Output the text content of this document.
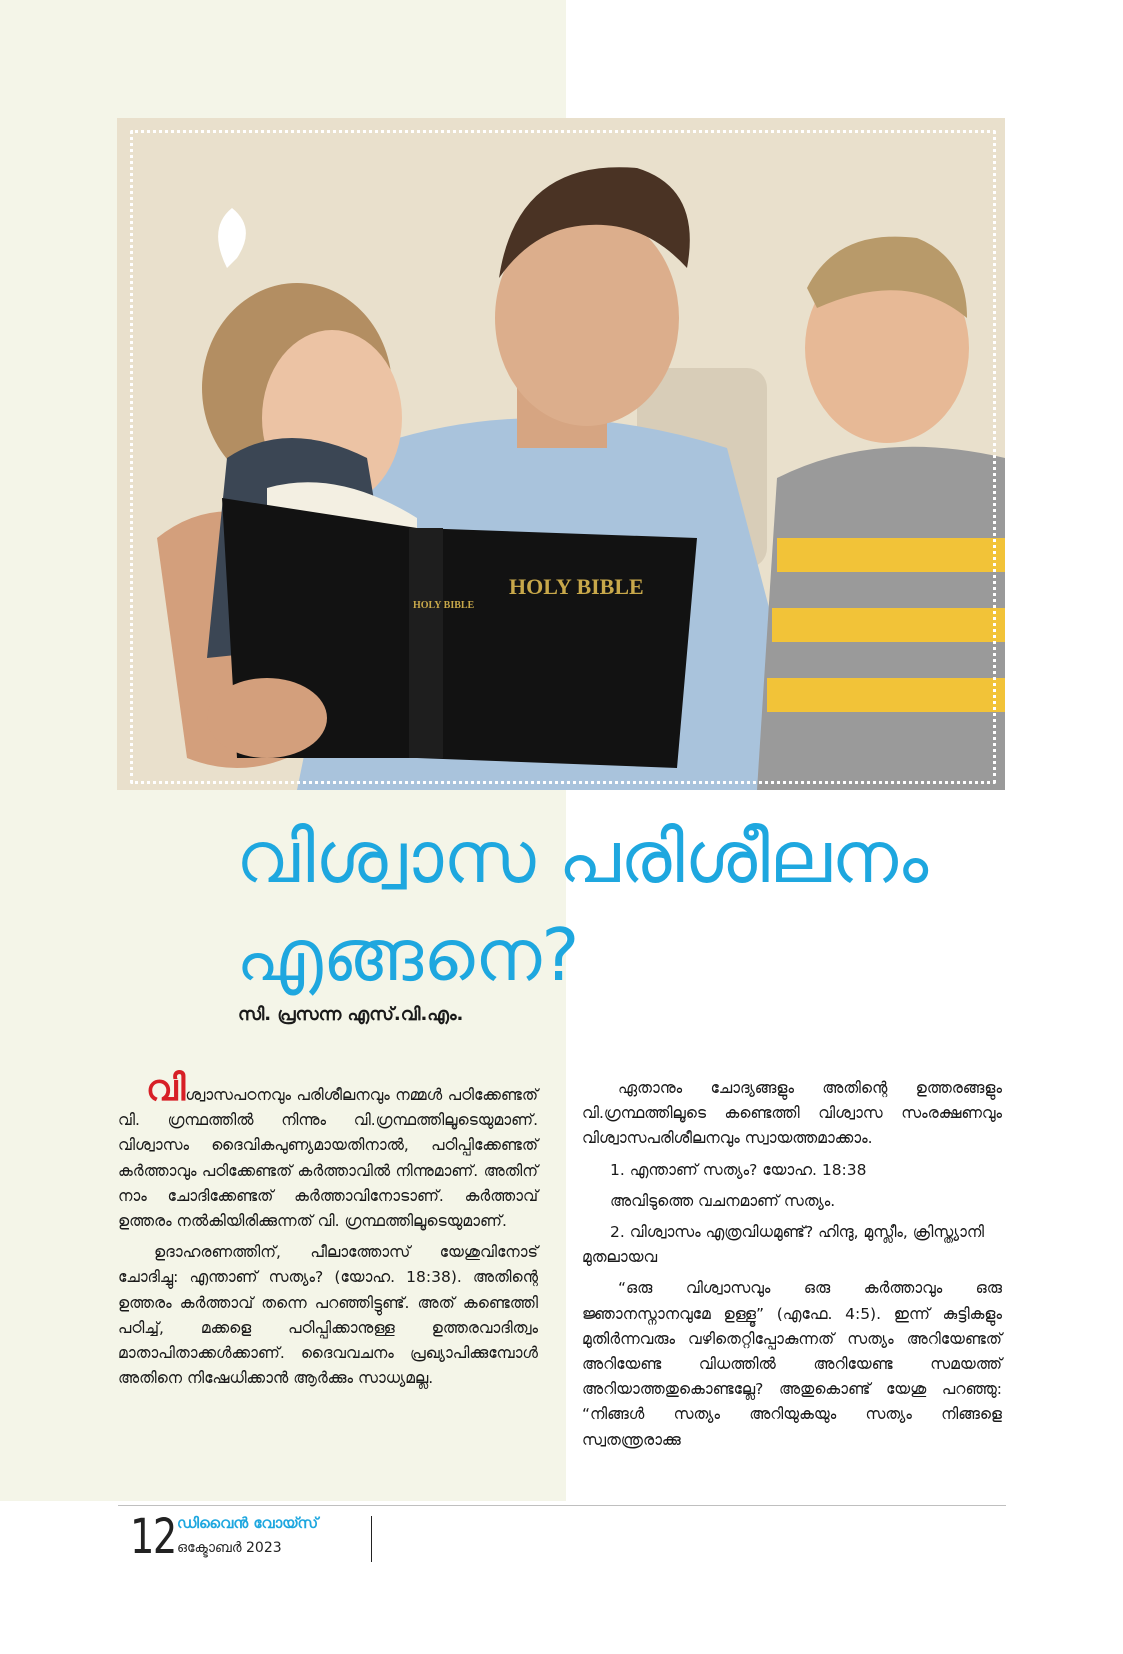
HOLY BIBLE
HOLY BIBLE
വിശ്വാസ പരിശീലനം
എങ്ങനെ?
സി. പ്രസന്ന എസ്.വി.എം.

വിശ്വാസപഠനവും പരിശീലനവും നമ്മൾ പഠിക്കേണ്ടത് വി. ഗ്രന്ഥത്തിൽ നിന്നും വി.ഗ്രന്ഥത്തിലൂടെയുമാണ്. വിശ്വാസം ദൈവികപുണ്യമായതിനാൽ, പഠിപ്പിക്കേണ്ടത് കർത്താവും പഠിക്കേണ്ടത് കർത്താവിൽ നിന്നുമാണ്. അതിന് നാം ചോദിക്കേണ്ടത് കർത്താവിനോടാണ്. കർത്താവ് ഉത്തരം നൽകിയിരിക്കുന്നത് വി. ഗ്രന്ഥത്തിലൂടെയുമാണ്.

ഉദാഹരണത്തിന്, പീലാത്തോസ് യേശുവിനോട് ചോദിച്ചു: എന്താണ് സത്യം? (യോഹ. 18:38). അതിന്റെ ഉത്തരം കർത്താവ് തന്നെ പറഞ്ഞിട്ടുണ്ട്. അത് കണ്ടെത്തി പഠിച്ച്, മക്കളെ പഠിപ്പിക്കാനുള്ള ഉത്തരവാദിത്വം മാതാപിതാക്കൾക്കാണ്. ദൈവവചനം പ്രഖ്യാപിക്കുമ്പോൾ അതിനെ നിഷേധിക്കാൻ ആർക്കും സാധ്യമല്ല.

ഏതാനും ചോദ്യങ്ങളും അതിന്റെ ഉത്തരങ്ങളും വി.ഗ്രന്ഥത്തിലൂടെ കണ്ടെത്തി വിശ്വാസ സംരക്ഷണവും വിശ്വാസപരിശീലനവും സ്വായത്തമാക്കാം.

1. എന്താണ് സത്യം? യോഹ. 18:38

അവിടുത്തെ വചനമാണ് സത്യം.

2. വിശ്വാസം എത്രവിധമുണ്ട്? ഹിന്ദു, മുസ്ലീം, ക്രിസ്ത്യാനി മുതലായവ

“ഒരു വിശ്വാസവും ഒരു കർത്താവും ഒരു ജ്ഞാനസ്നാനവുമേ ഉള്ളൂ” (എഫേ. 4:5). ഇന്ന് കുട്ടികളും മുതിർന്നവരും വഴിതെറ്റിപ്പോകുന്നത് സത്യം അറിയേണ്ടത് അറിയേണ്ട വിധത്തിൽ അറിയേണ്ട സമയത്ത് അറിയാത്തതുകൊണ്ടല്ലേ? അതുകൊണ്ട് യേശു പറഞ്ഞു: “നിങ്ങൾ സത്യം അറിയുകയും സത്യം നിങ്ങളെ സ്വതന്ത്രരാക്കു

12 ഡിവൈൻ വോയ്സ്
ഒക്ടോബർ 2023
